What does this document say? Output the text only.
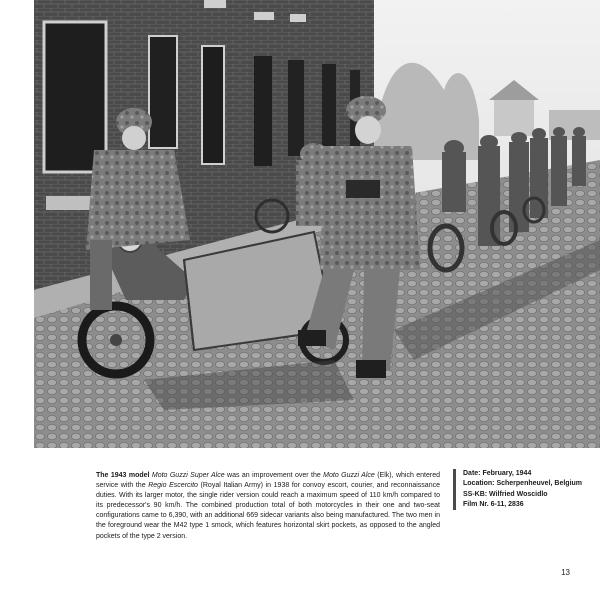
The 1943 model Moto Guzzi Super Alce was an improvement over the Moto Guzzi Alce (Elk), which entered service with the Regio Escercito (Royal Italian Army) in 1938 for convoy escort, courier, and reconnaissance duties. With its larger motor, the single rider version could reach a maximum speed of 110 km/h compared to its predecessor's 90 km/h. The combined production total of both motorcycles in their one and two-seat configurations came to 6,390, with an additional 669 sidecar variants also being manufactured. The two men in the foreground wear the M42 type 1 smock, which features horizontal skirt pockets, as opposed to the angled pockets of the type 2 version.
Date: February, 1944
Location: Scherpenheuvel, Belgium
SS-KB: Wilfried Woscidlo
Film Nr. 6-11, 2836
13
